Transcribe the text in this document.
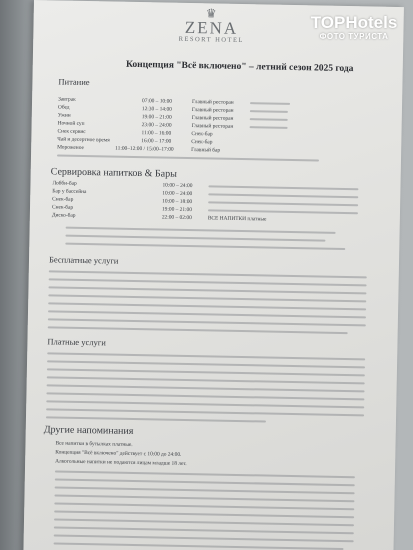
♛
ZENA
RESORT HOTEL
Концепция "Всё включено" – летний сезон 2025 года
Питание
Завтрак	07:00 – 10:00	Главный ресторан
Обед	12:30 – 14:00	Главный ресторан
Ужин	19:00 – 21:00	Главный ресторан
Ночной суп	23:00 – 24:00	Главный ресторан
Снек сервис	11:00 – 16:00	Снек-бар
Чай и десертное время	16:00 – 17:00	Снек-бар
Мороженое	11:00–12:00 / 15:00–17:00	Главный бар
Сервировка напитков & Бары
Лобби-бар	10:00 – 24:00
Бар у бассейна	10:00 – 24:00
Снек-бар	10:00 – 18:00
Снек-бар	19:00 – 21:00
Диско-бар	22:00 – 02:00	ВСЕ НАПИТКИ платные
Бесплатные услуги
Платные услуги
Другие напоминания
Все напитки в бутылках платные.
Концепция "Всё включено" действует с 10:00 до 24:00.
Алкогольные напитки не подаются лицам младше 18 лет.
TOPHotels
ФОТО ТУРИСТА
